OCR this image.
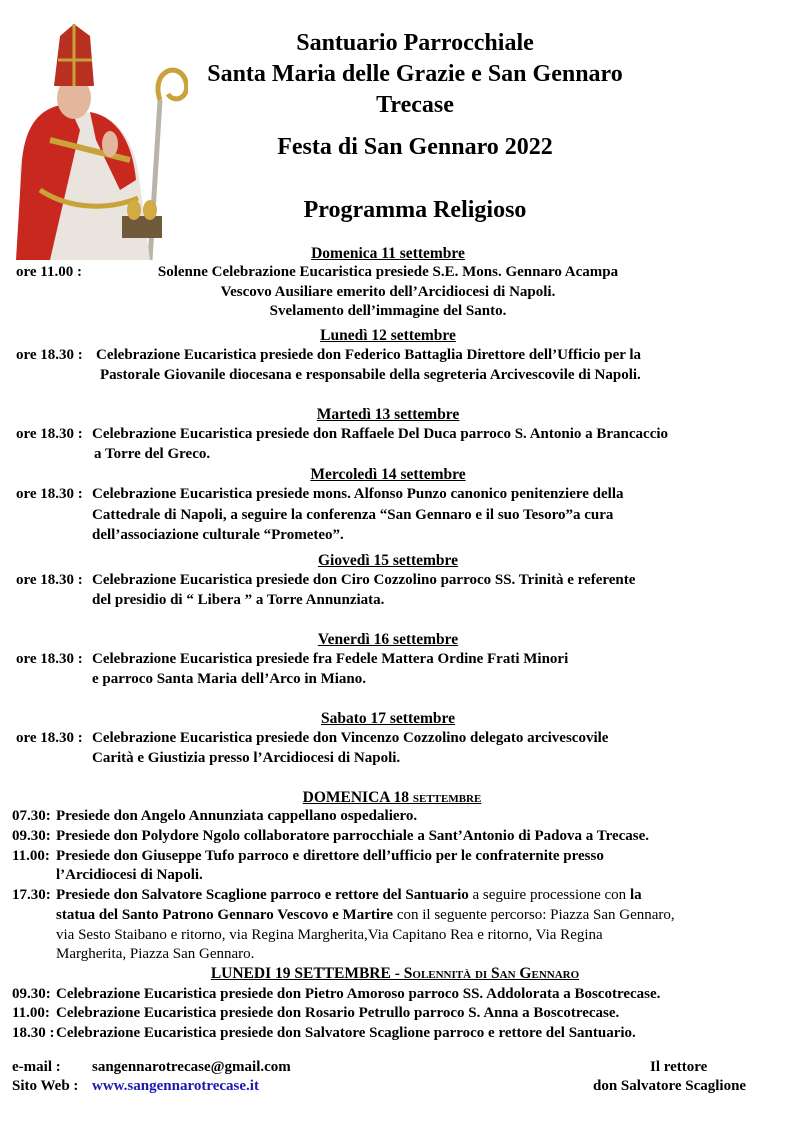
Santuario Parrocchiale
Santa Maria delle Grazie e San Gennaro
Trecase
Festa di San Gennaro 2022
Programma Religioso
Domenica 11 settembre
ore 11.00 :	Solenne Celebrazione Eucaristica presiede S.E. Mons. Gennaro Acampa
Vescovo Ausiliare emerito dell’Arcidiocesi di Napoli.
Svelamento dell’immagine del Santo.
Lunedì 12 settembre
ore 18.30 : Celebrazione Eucaristica presiede don Federico Battaglia Direttore dell’Ufficio per la
Pastorale Giovanile diocesana e responsabile della segreteria Arcivescovile di Napoli.
Martedì 13 settembre
ore 18.30 : Celebrazione Eucaristica presiede don Raffaele Del Duca parroco S. Antonio a Brancaccio
a Torre del Greco.
Mercoledì 14 settembre
ore 18.30 : Celebrazione Eucaristica presiede mons. Alfonso Punzo canonico penitenziere della
Cattedrale di Napoli, a seguire la conferenza “San Gennaro e il suo Tesoro”a cura
dell’associazione culturale “Prometeo”.
Giovedì 15 settembre
ore 18.30 : Celebrazione Eucaristica presiede don Ciro Cozzolino parroco SS. Trinità e referente
del presidio di “ Libera ” a Torre Annunziata.
Venerdì 16 settembre
ore 18.30 : Celebrazione Eucaristica presiede fra Fedele Mattera Ordine Frati Minori
e parroco Santa Maria dell’Arco in Miano.
Sabato 17 settembre
ore 18.30 : Celebrazione Eucaristica presiede don Vincenzo Cozzolino delegato arcivescovile
Carità e Giustizia presso l’Arcidiocesi di Napoli.
DOMENICA 18 settembre
07.30: Presiede don Angelo Annunziata cappellano ospedaliero.
09.30: Presiede don Polydore Ngolo collaboratore parrocchiale a Sant’Antonio di Padova a Trecase.
11.00: Presiede don Giuseppe Tufo parroco e direttore dell’ufficio per le confraternite presso
l’Arcidiocesi di Napoli.
17.30: Presiede don Salvatore Scaglione parroco e rettore del Santuario a seguire processione con la
statua del Santo Patrono Gennaro Vescovo e Martire con il seguente percorso: Piazza San Gennaro,
via Sesto Staibano e ritorno, via Regina Margherita,Via Capitano Rea e ritorno, Via Regina
Margherita, Piazza San Gennaro.
LUNEDI 19 SETTEMBRE - Solennità di San Gennaro
09.30: Celebrazione Eucaristica presiede don Pietro Amoroso parroco SS. Addolorata a Boscotrecase.
11.00: Celebrazione Eucaristica presiede don Rosario Petrullo parroco S. Anna a Boscotrecase.
18.30 : Celebrazione Eucaristica presiede don Salvatore Scaglione parroco e rettore del Santuario.
e-mail : sangennarotrecase@gmail.com
Sito Web : www.sangennarotrecase.it
Il rettore
don Salvatore Scaglione
